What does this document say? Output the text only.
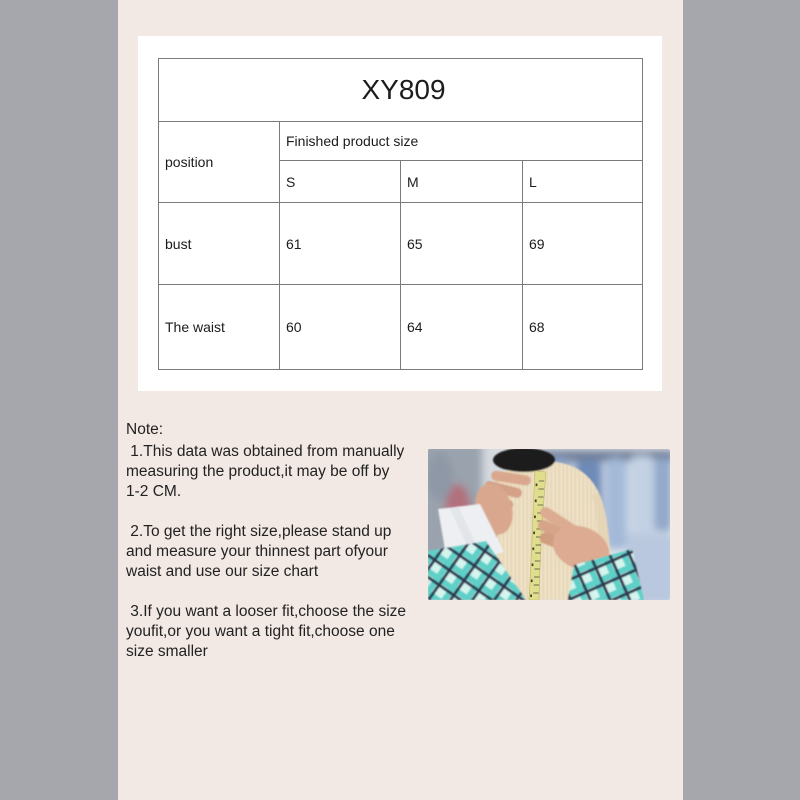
XY809			
position	Finished product size		
	S	M	L
bust	61	65	69
The waist	60	64	68
Note:
1.This data was obtained from manually
measuring the product,it may be off by
1-2 CM.
2.To get the right size,please stand up
and measure your thinnest part ofyour
waist and use our size chart
3.If you want a looser fit,choose the size
youfit,or you want a tight fit,choose one
size smaller
